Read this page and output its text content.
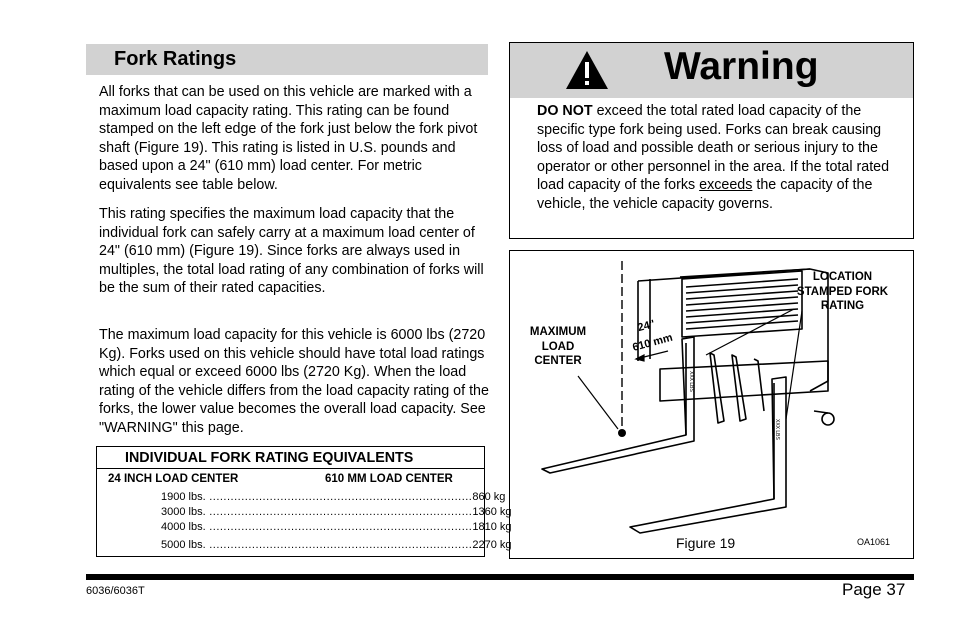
Fork Ratings

All forks that can be used on this vehicle are marked with a maximum load capacity rating. This rating can be found stamped on the left edge of the fork just below the fork pivot shaft (Figure 19). This rating is listed in U.S. pounds and based upon a 24" (610 mm) load center. For metric equivalents see table below.

This rating specifies the maximum load capacity that the individual fork can safely carry at a maximum load center of 24" (610 mm) (Figure 19). Since forks are always used in multiples, the total load rating of any combination of forks will be the sum of their rated capacities.

The maximum load capacity for this vehicle is 6000 lbs (2720 Kg). Forks used on this vehicle should have total load ratings which equal or exceed 6000 lbs (2720 Kg). When the load rating of the vehicle differs from the load capacity rating of the forks, the lower value becomes the overall load capacity. See "WARNING" this page.

INDIVIDUAL FORK RATING EQUIVALENTS
24 INCH LOAD CENTER	610 MM LOAD CENTER
1900 lbs. .......................................................................... 860 kg
3000 lbs. .......................................................................... 1360 kg
4000 lbs. .......................................................................... 1810 kg
5000 lbs. .......................................................................... 2270 kg
Warning

DO NOT exceed the total rated load capacity of the specific type fork being used. Forks can break causing loss of load and possible death or serious injury to the operator or other personnel in the area. If the total rated load capacity of the forks exceeds the capacity of the vehicle, the vehicle capacity governs.

24"
610 mm
XXX LBS
XXX LBS
LOCATION
STAMPED FORK
RATING
MAXIMUM
LOAD
CENTER
Figure 19	OA1061
6036/6036T	Page 37
